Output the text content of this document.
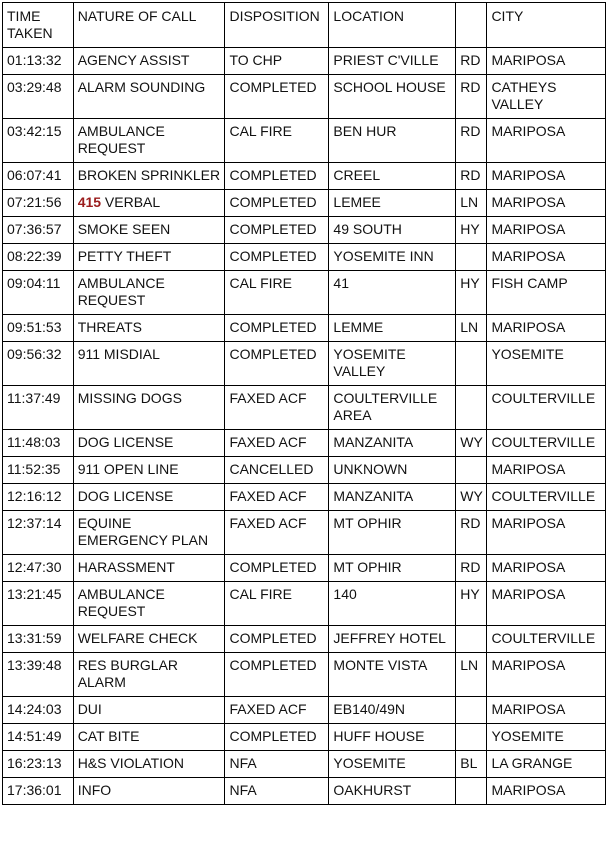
TIME TAKEN	NATURE OF CALL	DISPOSITION	LOCATION		CITY
01:13:32	AGENCY ASSIST	TO CHP	PRIEST C'VILLE	RD	MARIPOSA
03:29:48	ALARM SOUNDING	COMPLETED	SCHOOL HOUSE	RD	CATHEYS VALLEY
03:42:15	AMBULANCE REQUEST	CAL FIRE	BEN HUR	RD	MARIPOSA
06:07:41	BROKEN SPRINKLER	COMPLETED	CREEL	RD	MARIPOSA
07:21:56	415 VERBAL	COMPLETED	LEMEE	LN	MARIPOSA
07:36:57	SMOKE SEEN	COMPLETED	49 SOUTH	HY	MARIPOSA
08:22:39	PETTY THEFT	COMPLETED	YOSEMITE INN		MARIPOSA
09:04:11	AMBULANCE REQUEST	CAL FIRE	41	HY	FISH CAMP
09:51:53	THREATS	COMPLETED	LEMME	LN	MARIPOSA
09:56:32	911 MISDIAL	COMPLETED	YOSEMITE VALLEY		YOSEMITE
11:37:49	MISSING DOGS	FAXED ACF	COULTERVILLE AREA		COULTERVILLE
11:48:03	DOG LICENSE	FAXED ACF	MANZANITA	WY	COULTERVILLE
11:52:35	911 OPEN LINE	CANCELLED	UNKNOWN		MARIPOSA
12:16:12	DOG LICENSE	FAXED ACF	MANZANITA	WY	COULTERVILLE
12:37:14	EQUINE EMERGENCY PLAN	FAXED ACF	MT OPHIR	RD	MARIPOSA
12:47:30	HARASSMENT	COMPLETED	MT OPHIR	RD	MARIPOSA
13:21:45	AMBULANCE REQUEST	CAL FIRE	140	HY	MARIPOSA
13:31:59	WELFARE CHECK	COMPLETED	JEFFREY HOTEL		COULTERVILLE
13:39:48	RES BURGLAR ALARM	COMPLETED	MONTE VISTA	LN	MARIPOSA
14:24:03	DUI	FAXED ACF	EB140/49N		MARIPOSA
14:51:49	CAT BITE	COMPLETED	HUFF HOUSE		YOSEMITE
16:23:13	H&S VIOLATION	NFA	YOSEMITE	BL	LA GRANGE
17:36:01	INFO	NFA	OAKHURST		MARIPOSA
